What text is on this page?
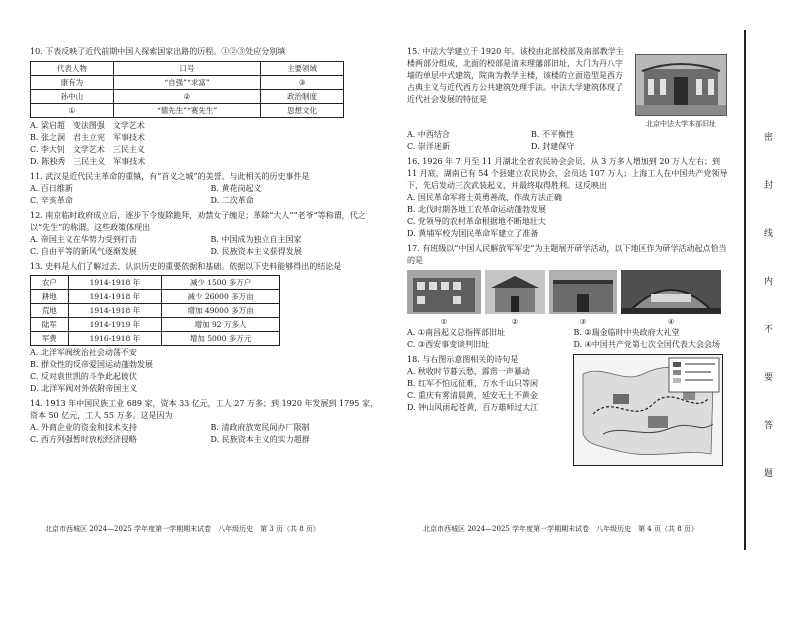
10. 下表反映了近代前期中国人探索国家出路的历程。①②③处应分别填

代表人物	口号	主要领域
康有为	“自强”“求富”	③
孙中山	②	政治制度
①	“德先生”“赛先生”	思想文化
A. 梁启超　变法图强　文学艺术
B. 张之洞　君主立宪　军事技术
C. 李大钊　文学艺术　三民主义
D. 陈独秀　三民主义　军事技术

11. 武汉是近代民主革命的重镇，有“首义之城”的美誉。与此相关的历史事件是

A. 百日维新	B. 黄花岗起义
C. 辛亥革命	D. 二次革命

12. 南京临时政府成立后，逐步下令废除跪拜，劝禁女子缠足；革除“大人”“老爷”等称谓，代之以“先生”的称谓。这些政策体现出

A. 帝国主义在华势力受到打击	B. 中国成为独立自主国家
C. 自由平等的新风气逐渐发展	D. 民族资本主义获得发展

13. 史料是人们了解过去、认识历史的重要依据和基础。依据以下史料能够得出的结论是

农户	1914-1918 年	减少 1500 多万户
耕地	1914-1918 年	减少 26000 多万亩
荒地	1914-1918 年	增加 49000 多万亩
陆军	1914-1919 年	增加 92 万多人
军费	1916-1918 年	增加 5000 多万元
A. 北洋军阀统治社会动荡不安
B. 群众性的反帝爱国运动蓬勃发展
C. 反对袁世凯的斗争此起彼伏
D. 北洋军阀对外依附帝国主义

14. 1913 年中国民族工业 689 家，资本 33 亿元，工人 27 万多；到 1920 年发展到 1795 家，资本 50 亿元，工人 55 万多。这是因为

A. 外商企业的资金和技术支持	B. 清政府放宽民间办厂限制
C. 西方列强暂时放松经济侵略	D. 民族资本主义的实力超群
北京市西城区 2024—2025 学年度第一学期期末试卷　八年级历史　第 3 页（共 8 页）

15. 中法大学建立于 1920 年。该校由北部校部及南部教学主楼两部分组成，北面的校部是清末理藩部旧址，大门为丹八字墙的单层中式建筑，院南为教学主楼，该楼的立面造型是西方古典主义与近代西方公共建筑处理手法。中法大学建筑体现了近代社会发展的特征是

北京中法大学本部旧址
A. 中西结合	B. 不平衡性
C. 崇洋迷新	D. 封建保守

16. 1926 年 7 月至 11 月湖北全省农民协会会员，从 3 万多人增加到 20 万人左右；到 11 月底，湖南已有 54 个县建立农民协会，会员达 107 万人；上海工人在中国共产党领导下，先后发动三次武装起义，并最终取得胜利。这反映出

A. 国民革命军将士英勇善战、作战方法正确
B. 北伐时期各地工农革命运动蓬勃发展
C. 党领导的农村革命根据地不断地壮大
D. 黄埔军校为国民革命军建立了准备

17. 有班级以“中国人民解放军军史”为主题展开研学活动，以下地区作为研学活动起点恰当的是

①	②	③	④
A. ①南昌起义总指挥部旧址	B. ②瑞金临时中央政府大礼堂
C. ③西安事变谈判旧址	D. ④中国共产党第七次全国代表大会会场

18. 与右图示意图相关的诗句是

A. 秋收时节暮云愁，霹雳一声暴动
B. 红军不怕远征难，万水千山只等闲
C. 重庆有雾清晨黄，延安无土不黄金
D. 钟山风雨起苍黄，百万雄师过大江
北京市西城区 2024—2025 学年度第一学期期末试卷　八年级历史　第 4 页（共 8 页）
密
封
线
内
不
要
答
题
